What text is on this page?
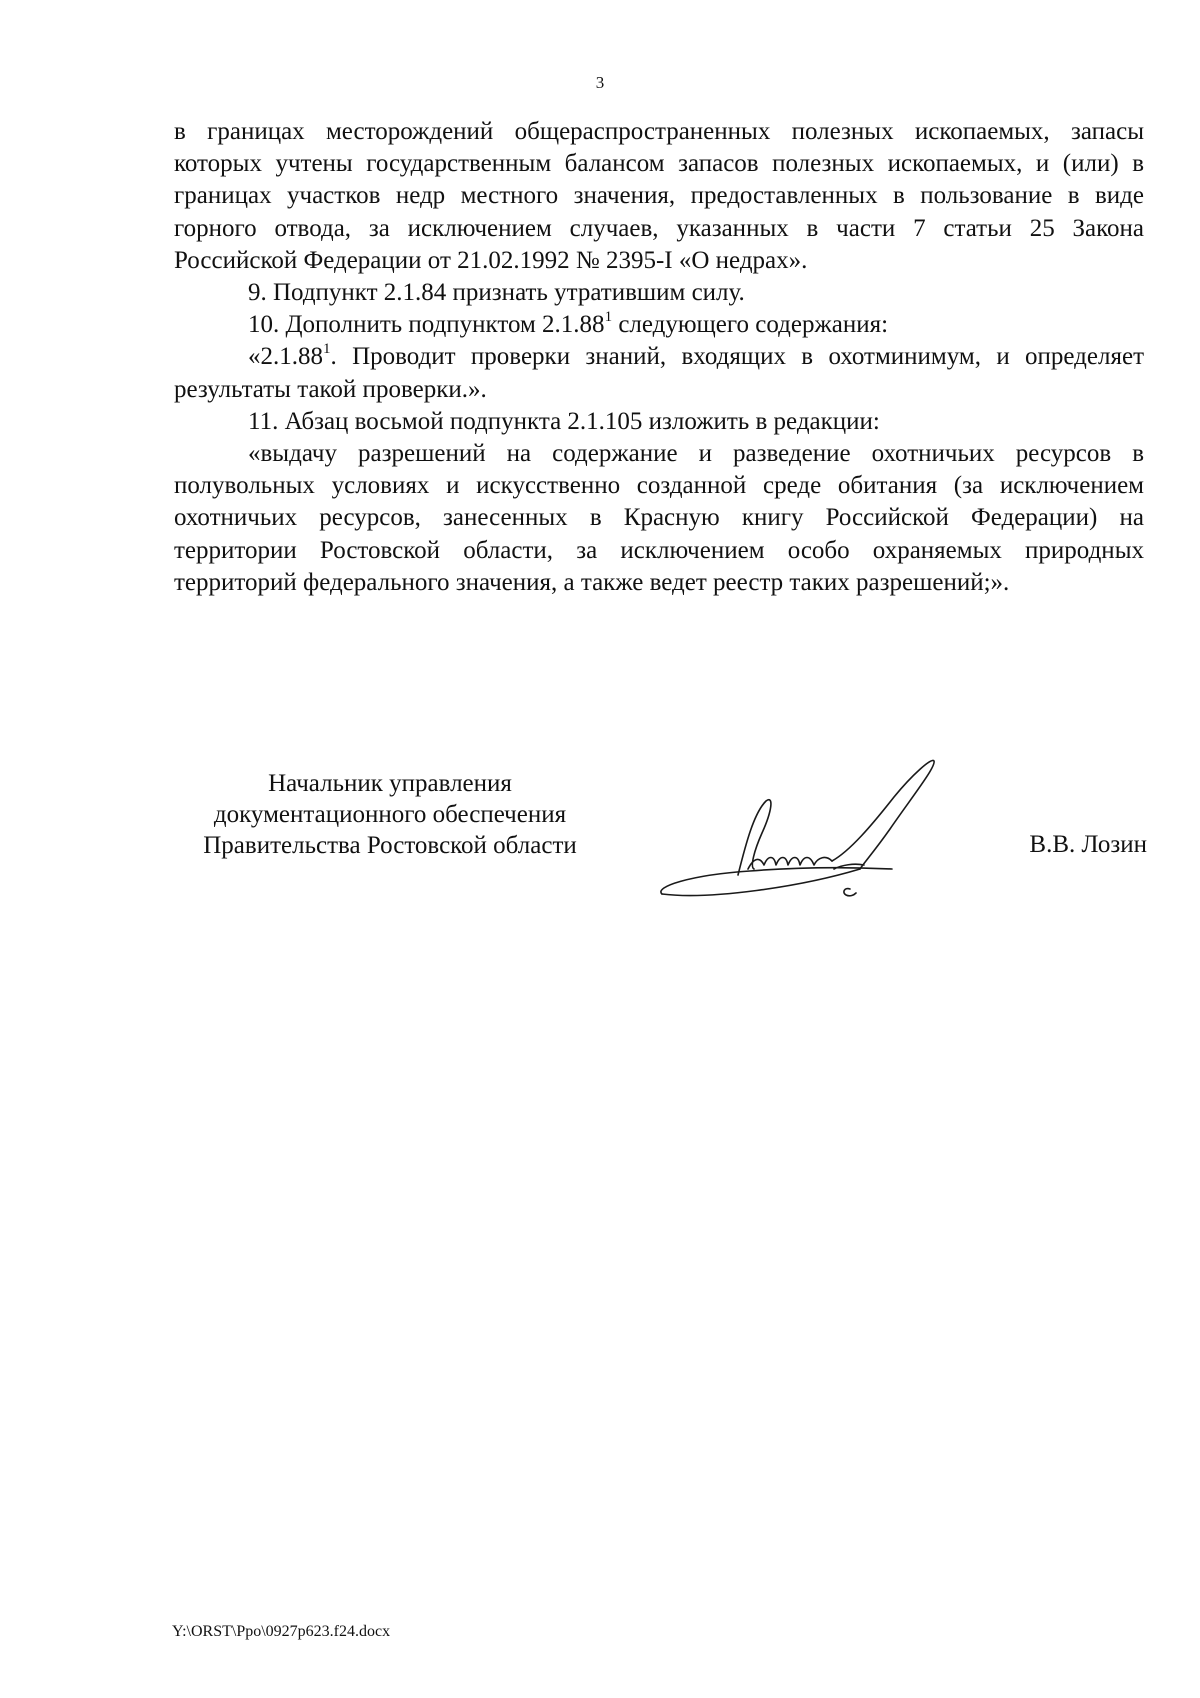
3

в границах месторождений общераспространенных полезных ископаемых, запасы которых учтены государственным балансом запасов полезных ископаемых, и (или) в границах участков недр местного значения, предоставленных в пользование в виде горного отвода, за исключением случаев, указанных в части 7 статьи 25 Закона Российской Федерации от 21.02.1992 № 2395-I «О недрах».

9. Подпункт 2.1.84 признать утратившим силу.

10. Дополнить подпунктом 2.1.88$^1$ следующего содержания:

«2.1.88$^1$. Проводит проверки знаний, входящих в охотминимум, и определяет результаты такой проверки.».

11. Абзац восьмой подпункта 2.1.105 изложить в редакции:

«выдачу разрешений на содержание и разведение охотничьих ресурсов в полувольных условиях и искусственно созданной среде обитания (за исключением охотничьих ресурсов, занесенных в Красную книгу Российской Федерации) на территории Ростовской области, за исключением особо охраняемых природных территорий федерального значения, а также ведет реестр таких разрешений;».

Начальник управления
документационного обеспечения
Правительства Ростовской области	В.В. Лозин
Y:\ORST\Ppo\0927p623.f24.docx
